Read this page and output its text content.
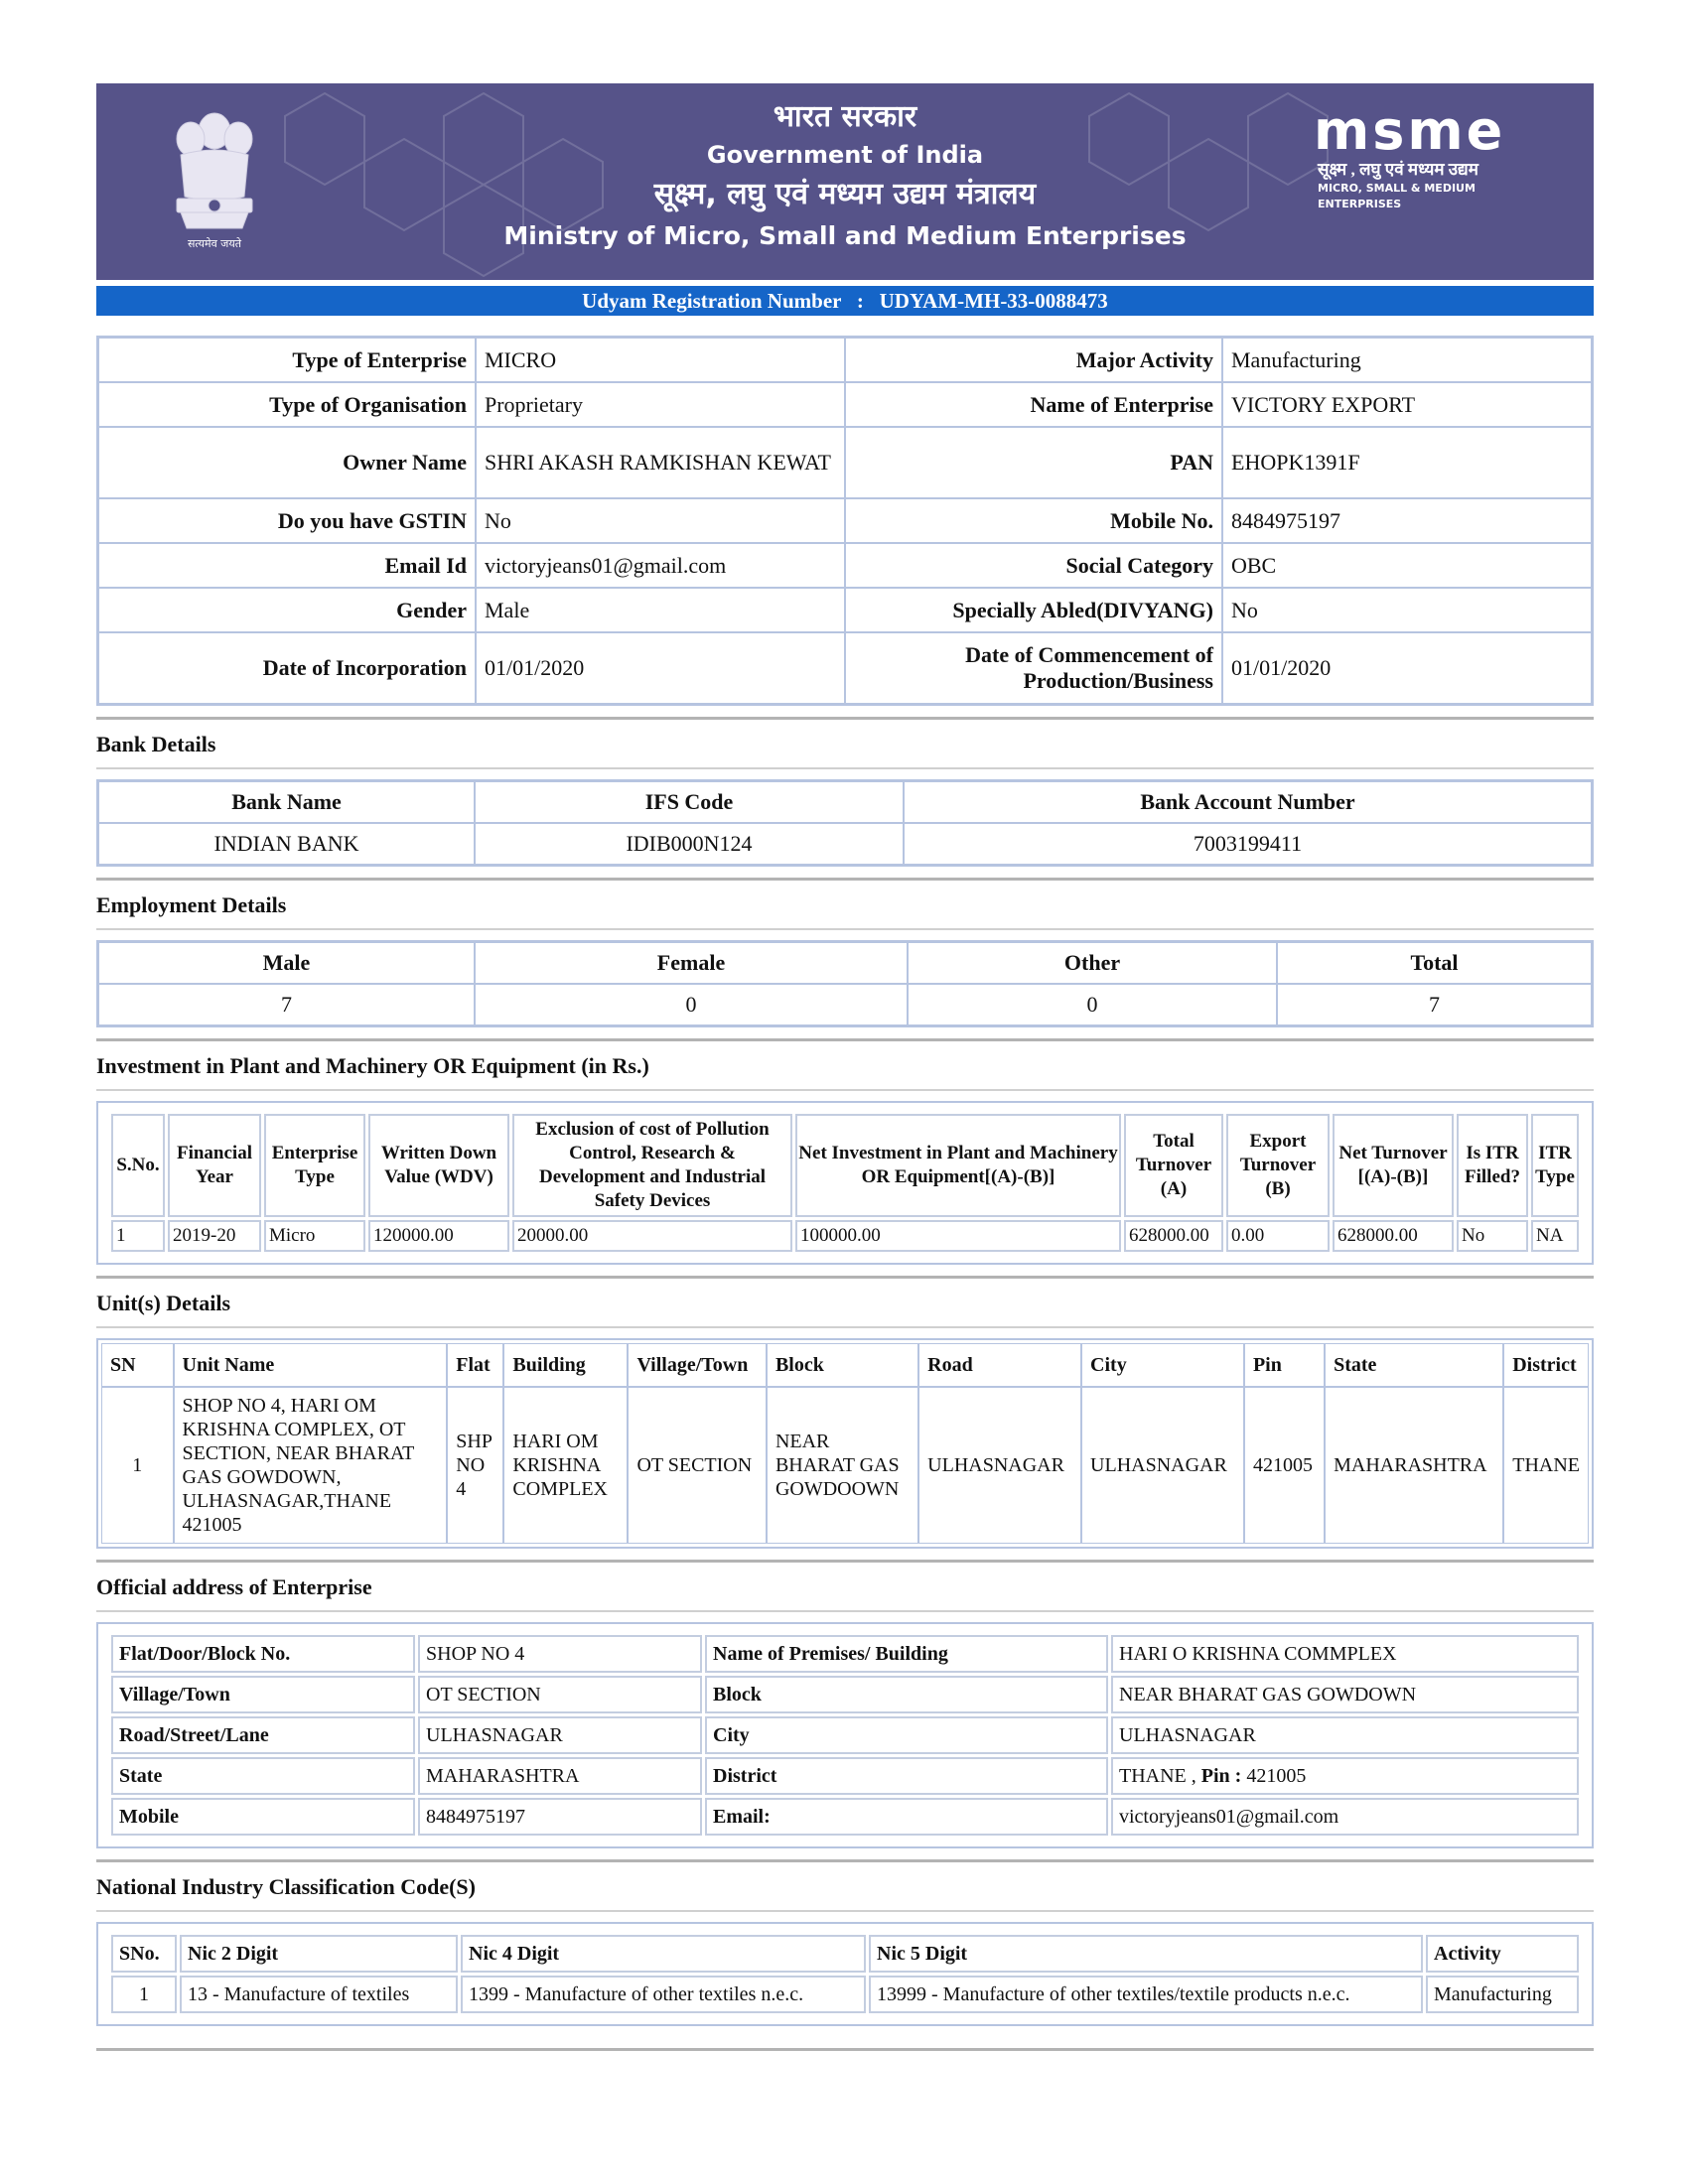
सत्यमेव जयते
भारत सरकार
Government of India
सूक्ष्म, लघु एवं मध्यम उद्यम मंत्रालय
Ministry of Micro, Small and Medium Enterprises
msme
सूक्ष्म , लघु एवं मध्यम उद्यम
MICRO, SMALL & MEDIUM ENTERPRISES
Udyam Registration Number : UDYAM-MH-33-0088473
Type of Enterprise	MICRO	Major Activity	Manufacturing
Type of Organisation	Proprietary	Name of Enterprise	VICTORY EXPORT
Owner Name	SHRI AKASH RAMKISHAN KEWAT	PAN	EHOPK1391F
Do you have GSTIN	No	Mobile No.	8484975197
Email Id	victoryjeans01@gmail.com	Social Category	OBC
Gender	Male	Specially Abled(DIVYANG)	No
Date of Incorporation	01/01/2020	Date of Commencement of Production/Business	01/01/2020
Bank Details
Bank Name	IFS Code	Bank Account Number
INDIAN BANK	IDIB000N124	7003199411
Employment Details
Male	Female	Other	Total
7	0	0	7
Investment in Plant and Machinery OR Equipment (in Rs.)
S.No.	Financial Year	Enterprise Type	Written Down Value (WDV)	Exclusion of cost of Pollution Control, Research & Development and Industrial Safety Devices	Net Investment in Plant and Machinery OR Equipment[(A)-(B)]	Total Turnover (A)	Export Turnover (B)	Net Turnover [(A)-(B)]	Is ITR Filled?	ITR Type
1	2019-20	Micro	120000.00	20000.00	100000.00	628000.00	0.00	628000.00	No	NA
Unit(s) Details
SN	Unit Name	Flat	Building	Village/Town	Block	Road	City	Pin	State	District
1	SHOP NO 4, HARI OM KRISHNA COMPLEX, OT SECTION, NEAR BHARAT GAS GOWDOWN, ULHASNAGAR,THANE 421005	SHP NO 4	HARI OM KRISHNA COMPLEX	OT SECTION	NEAR BHARAT GAS GOWDOOWN	ULHASNAGAR	ULHASNAGAR	421005	MAHARASHTRA	THANE
Official address of Enterprise
Flat/Door/Block No.	SHOP NO 4	Name of Premises/ Building	HARI O KRISHNA COMMPLEX
Village/Town	OT SECTION	Block	NEAR BHARAT GAS GOWDOWN
Road/Street/Lane	ULHASNAGAR	City	ULHASNAGAR
State	MAHARASHTRA	District	THANE , Pin : 421005
Mobile	8484975197	Email:	victoryjeans01@gmail.com
National Industry Classification Code(S)
SNo.	Nic 2 Digit	Nic 4 Digit	Nic 5 Digit	Activity
1	13 - Manufacture of textiles	1399 - Manufacture of other textiles n.e.c.	13999 - Manufacture of other textiles/textile products n.e.c.	Manufacturing
